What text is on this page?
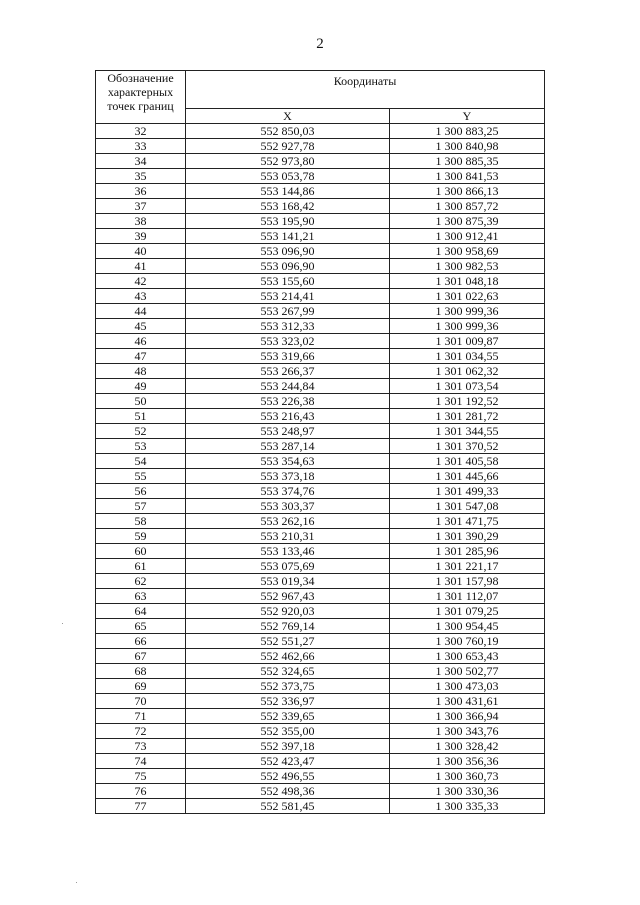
2
Обозначение характерных точек границ	Координаты	
	X	Y
32	552 850,03	1 300 883,25
33	552 927,78	1 300 840,98
34	552 973,80	1 300 885,35
35	553 053,78	1 300 841,53
36	553 144,86	1 300 866,13
37	553 168,42	1 300 857,72
38	553 195,90	1 300 875,39
39	553 141,21	1 300 912,41
40	553 096,90	1 300 958,69
41	553 096,90	1 300 982,53
42	553 155,60	1 301 048,18
43	553 214,41	1 301 022,63
44	553 267,99	1 300 999,36
45	553 312,33	1 300 999,36
46	553 323,02	1 301 009,87
47	553 319,66	1 301 034,55
48	553 266,37	1 301 062,32
49	553 244,84	1 301 073,54
50	553 226,38	1 301 192,52
51	553 216,43	1 301 281,72
52	553 248,97	1 301 344,55
53	553 287,14	1 301 370,52
54	553 354,63	1 301 405,58
55	553 373,18	1 301 445,66
56	553 374,76	1 301 499,33
57	553 303,37	1 301 547,08
58	553 262,16	1 301 471,75
59	553 210,31	1 301 390,29
60	553 133,46	1 301 285,96
61	553 075,69	1 301 221,17
62	553 019,34	1 301 157,98
63	552 967,43	1 301 112,07
64	552 920,03	1 301 079,25
65	552 769,14	1 300 954,45
66	552 551,27	1 300 760,19
67	552 462,66	1 300 653,43
68	552 324,65	1 300 502,77
69	552 373,75	1 300 473,03
70	552 336,97	1 300 431,61
71	552 339,65	1 300 366,94
72	552 355,00	1 300 343,76
73	552 397,18	1 300 328,42
74	552 423,47	1 300 356,36
75	552 496,55	1 300 360,73
76	552 498,36	1 300 330,36
77	552 581,45	1 300 335,33
